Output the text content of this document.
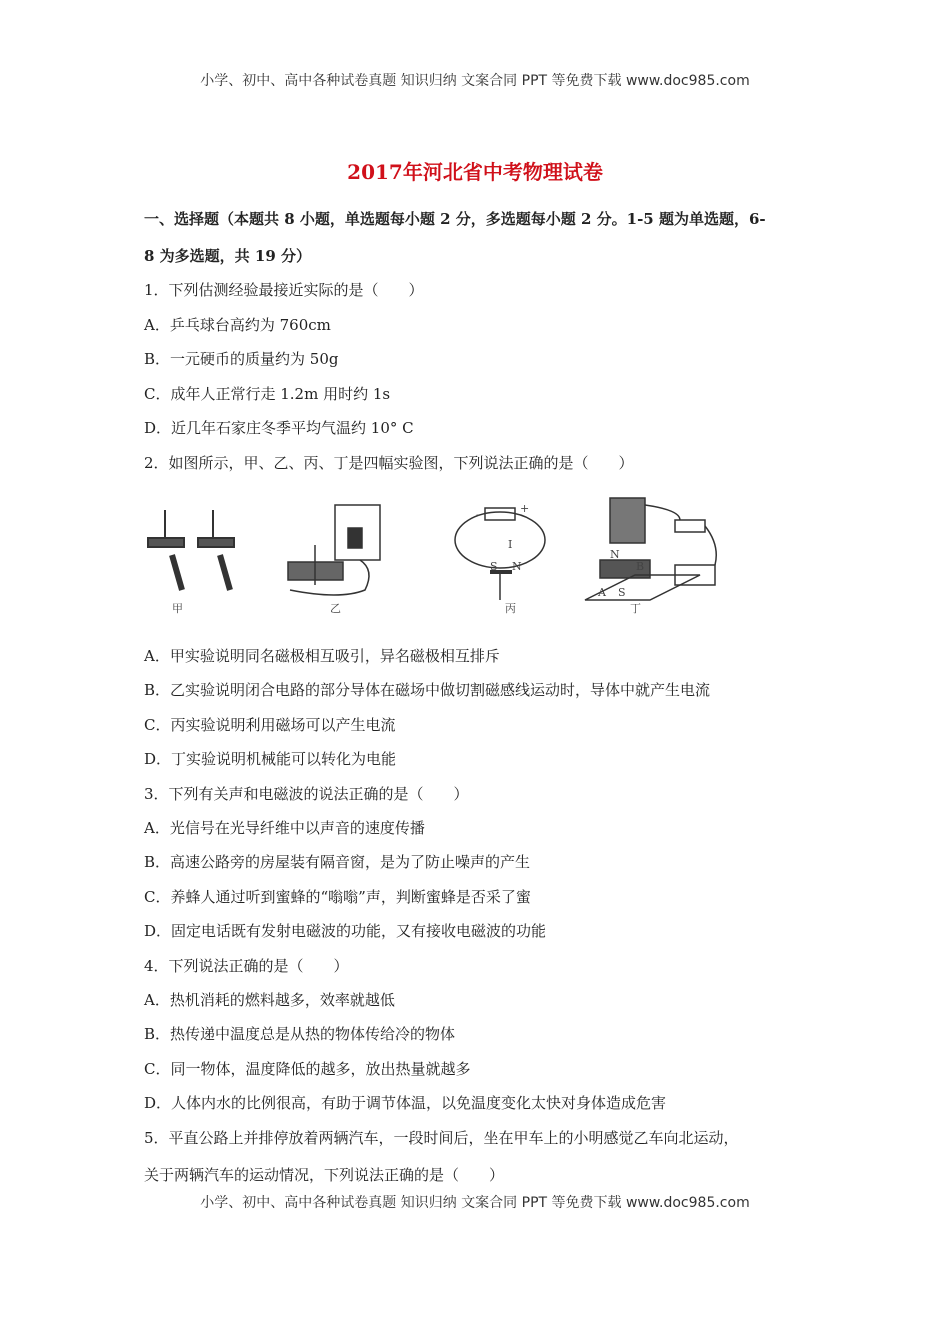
小学、初中、高中各种试卷真题 知识归纳 文案合同 PPT 等免费下载 www.doc985.com
2017年河北省中考物理试卷
一、选择题（本题共 8 小题，单选题每小题 2 分，多选题每小题 2 分。1-5 题为单选题，6-
8 为多选题，共 19 分）
1．下列估测经验最接近实际的是（　　）
A．乒乓球台高约为 760cm
B．一元硬币的质量约为 50g
C．成年人正常行走 1.2m 用时约 1s
D．近几年石家庄冬季平均气温约 10° C
2．如图所示，甲、乙、丙、丁是四幅实验图，下列说法正确的是（　　）
甲	乙	丙	丁
-	+
I
S N
N
B
A S
A．甲实验说明同名磁极相互吸引，异名磁极相互排斥
B．乙实验说明闭合电路的部分导体在磁场中做切割磁感线运动时，导体中就产生电流
C．丙实验说明利用磁场可以产生电流
D．丁实验说明机械能可以转化为电能
3．下列有关声和电磁波的说法正确的是（　　）
A．光信号在光导纤维中以声音的速度传播
B．高速公路旁的房屋装有隔音窗，是为了防止噪声的产生
C．养蜂人通过听到蜜蜂的“嗡嗡”声，判断蜜蜂是否采了蜜
D．固定电话既有发射电磁波的功能，又有接收电磁波的功能
4．下列说法正确的是（　　）
A．热机消耗的燃料越多，效率就越低
B．热传递中温度总是从热的物体传给冷的物体
C．同一物体，温度降低的越多，放出热量就越多
D．人体内水的比例很高，有助于调节体温，以免温度变化太快对身体造成危害
5．平直公路上并排停放着两辆汽车，一段时间后，坐在甲车上的小明感觉乙车向北运动，
关于两辆汽车的运动情况，下列说法正确的是（　　）
小学、初中、高中各种试卷真题 知识归纳 文案合同 PPT 等免费下载 www.doc985.com
